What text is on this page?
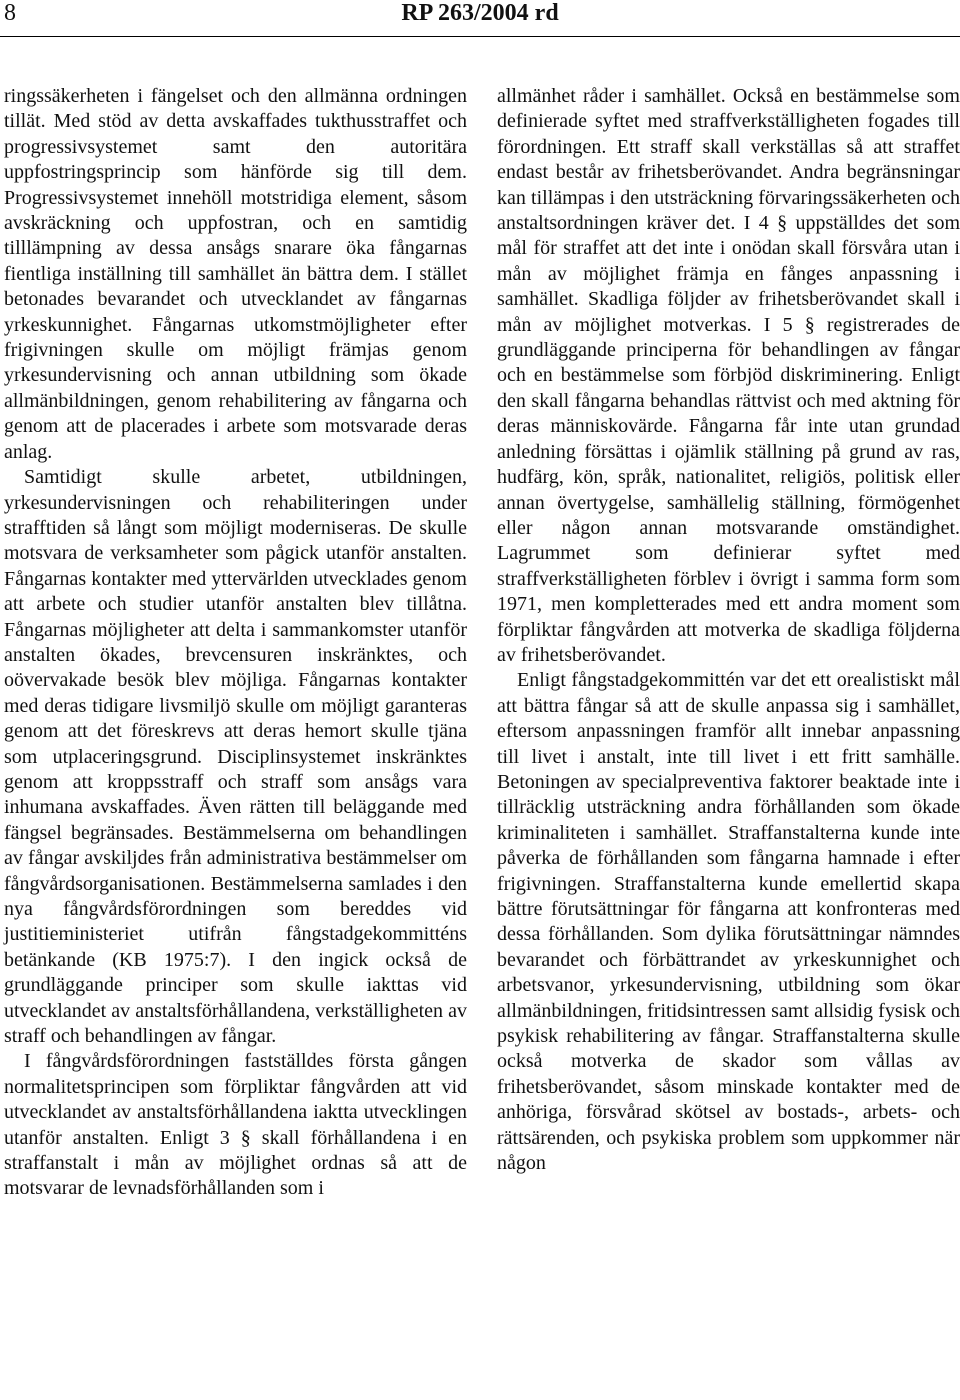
8	RP 263/2004 rd

ringssäkerheten i fängelset och den allmänna ordningen tillät. Med stöd av detta avskaffades tukthusstraffet och progressivsystemet samt den autoritära uppfostringsprincip som hänförde sig till dem. Progressivsystemet innehöll motstridiga element, såsom avskräckning och uppfostran, och en samtidig tilllämpning av dessa ansågs snarare öka fångarnas fientliga inställning till samhället än bättra dem. I stället betonades bevarandet och utvecklandet av fångarnas yrkeskunnighet. Fångarnas utkomstmöjligheter efter frigivningen skulle om möjligt främjas genom yrkesundervisning och annan utbildning som ökade allmänbildningen, genom rehabilitering av fångarna och genom att de placerades i arbete som motsvarade deras anlag.

Samtidigt skulle arbetet, utbildningen, yrkesundervisningen och rehabiliteringen under strafftiden så långt som möjligt moderniseras. De skulle motsvara de verksamheter som pågick utanför anstalten. Fångarnas kontakter med yttervärlden utvecklades genom att arbete och studier utanför anstalten blev tillåtna. Fångarnas möjligheter att delta i sammankomster utanför anstalten ökades, brevcensuren inskränktes, och oövervakade besök blev möjliga. Fångarnas kontakter med deras tidigare livsmiljö skulle om möjligt garanteras genom att det föreskrevs att deras hemort skulle tjäna som utplaceringsgrund. Disciplinsystemet inskränktes genom att kroppsstraff och straff som ansågs vara inhumana avskaffades. Även rätten till beläggande med fängsel begränsades. Bestämmelserna om behandlingen av fångar avskiljdes från administrativa bestämmelser om fångvårdsorganisationen. Bestämmelserna samlades i den nya fångvårdsförordningen som bereddes vid justitieministeriet utifrån fångstadgekommitténs betänkande (KB 1975:7). I den ingick också de grundläggande principer som skulle iakttas vid utvecklandet av anstaltsförhållandena, verkställigheten av straff och behandlingen av fångar.

I fångvårdsförordningen fastställdes första gången normalitetsprincipen som förpliktar fångvården att vid utvecklandet av anstaltsförhållandena iaktta utvecklingen utanför anstalten. Enligt 3 § skall förhållandena i en straffanstalt i mån av möjlighet ordnas så att de motsvarar de levnadsförhållanden som i

allmänhet råder i samhället. Också en bestämmelse som definierade syftet med straffverkställigheten fogades till förordningen. Ett straff skall verkställas så att straffet endast består av frihetsberövandet. Andra begränsningar kan tillämpas i den utsträckning förvaringssäkerheten och anstaltsordningen kräver det. I 4 § uppställdes det som mål för straffet att det inte i onödan skall försvåra utan i mån av möjlighet främja en fånges anpassning i samhället. Skadliga följder av frihetsberövandet skall i mån av möjlighet motverkas. I 5 § registrerades de grundläggande principerna för behandlingen av fångar och en bestämmelse som förbjöd diskriminering. Enligt den skall fångarna behandlas rättvist och med aktning för deras människovärde. Fångarna får inte utan grundad anledning försättas i ojämlik ställning på grund av ras, hudfärg, kön, språk, nationalitet, religiös, politisk eller annan övertygelse, samhällelig ställning, förmögenhet eller någon annan motsvarande omständighet. Lagrummet som definierar syftet med straffverkställigheten förblev i övrigt i samma form som 1971, men kompletterades med ett andra moment som förpliktar fångvården att motverka de skadliga följderna av frihetsberövandet.

Enligt fångstadgekommittén var det ett orealistiskt mål att bättra fångar så att de skulle anpassa sig i samhället, eftersom anpassningen framför allt innebar anpassning till livet i anstalt, inte till livet i ett fritt samhälle. Betoningen av specialpreventiva faktorer beaktade inte i tillräcklig utsträckning andra förhållanden som ökade kriminaliteten i samhället. Straffanstalterna kunde inte påverka de förhållanden som fångarna hamnade i efter frigivningen. Straffanstalterna kunde emellertid skapa bättre förutsättningar för fångarna att konfronteras med dessa förhållanden. Som dylika förutsättningar nämndes bevarandet och förbättrandet av yrkeskunnighet och arbetsvanor, yrkesundervisning, utbildning som ökar allmänbildningen, fritidsintressen samt allsidig fysisk och psykisk rehabilitering av fångar. Straffanstalterna skulle också motverka de skador som vållas av frihetsberövandet, såsom minskade kontakter med de anhöriga, försvårad skötsel av bostads-, arbets- och rättsärenden, och psykiska problem som uppkommer när någon
